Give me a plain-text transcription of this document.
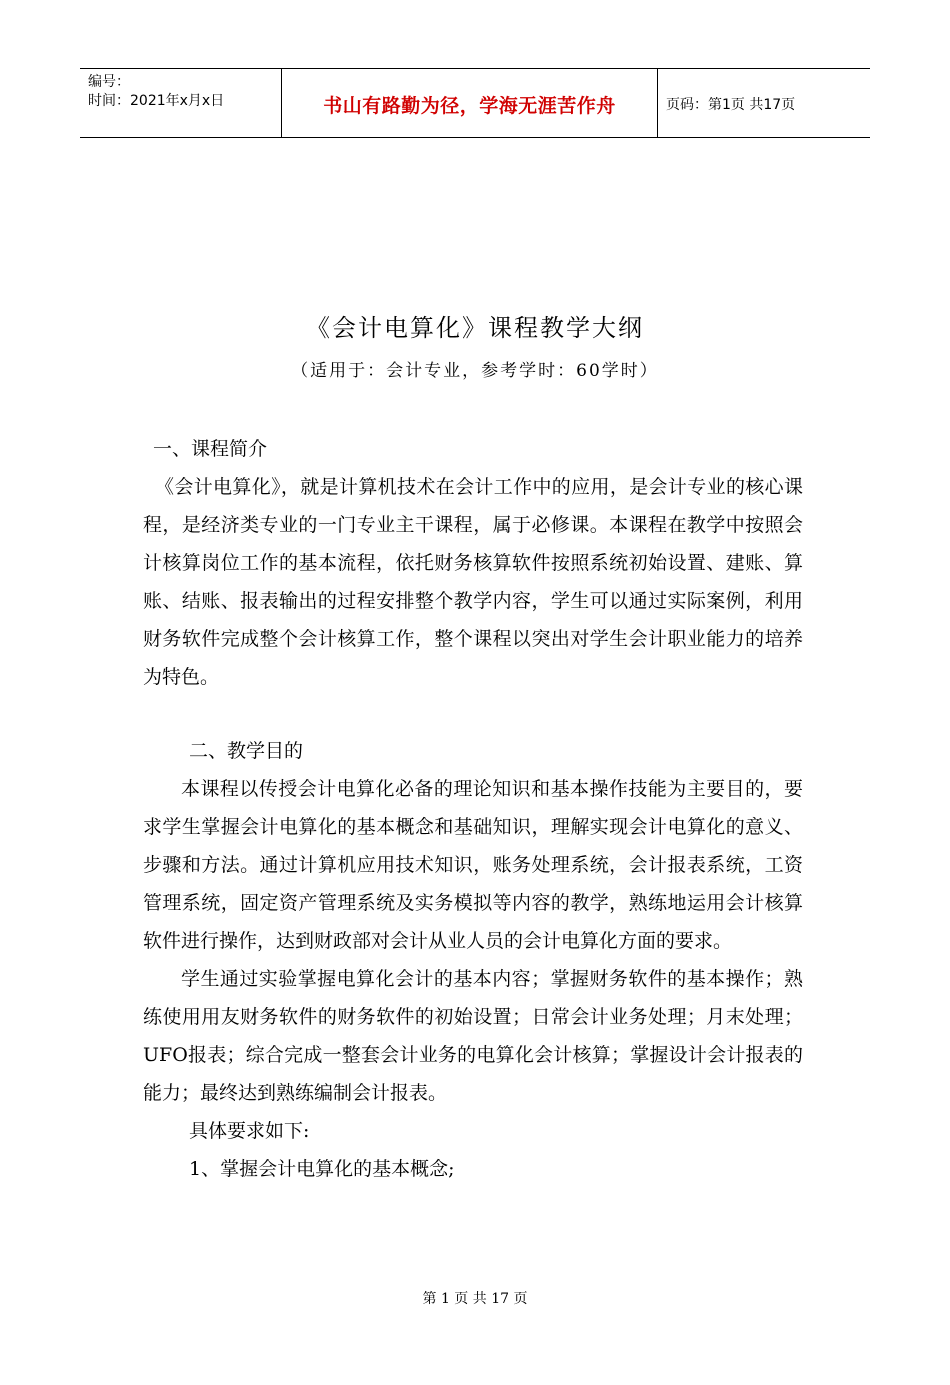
编号：
时间：2021年x月x日	书山有路勤为径，学海无涯苦作舟	页码：第1页 共17页
《会计电算化》课程教学大纲
（适用于：会计专业，参考学时：60学时）
一、课程简介
《会计电算化》，就是计算机技术在会计工作中的应用，是会计专业的核心课程，是经济类专业的一门专业主干课程，属于必修课。本课程在教学中按照会计核算岗位工作的基本流程，依托财务核算软件按照系统初始设置、建账、算账、结账、报表输出的过程安排整个教学内容，学生可以通过实际案例，利用财务软件完成整个会计核算工作，整个课程以突出对学生会计职业能力的培养为特色。
二、教学目的
本课程以传授会计电算化必备的理论知识和基本操作技能为主要目的，要求学生掌握会计电算化的基本概念和基础知识，理解实现会计电算化的意义、步骤和方法。通过计算机应用技术知识，账务处理系统，会计报表系统，工资管理系统，固定资产管理系统及实务模拟等内容的教学，熟练地运用会计核算软件进行操作，达到财政部对会计从业人员的会计电算化方面的要求。
学生通过实验掌握电算化会计的基本内容；掌握财务软件的基本操作；熟练使用用友财务软件的财务软件的初始设置；日常会计业务处理；月末处理；UFO报表；综合完成一整套会计业务的电算化会计核算；掌握设计会计报表的能力；最终达到熟练编制会计报表。
具体要求如下:
1、掌握会计电算化的基本概念;
第 1 页 共 17 页
